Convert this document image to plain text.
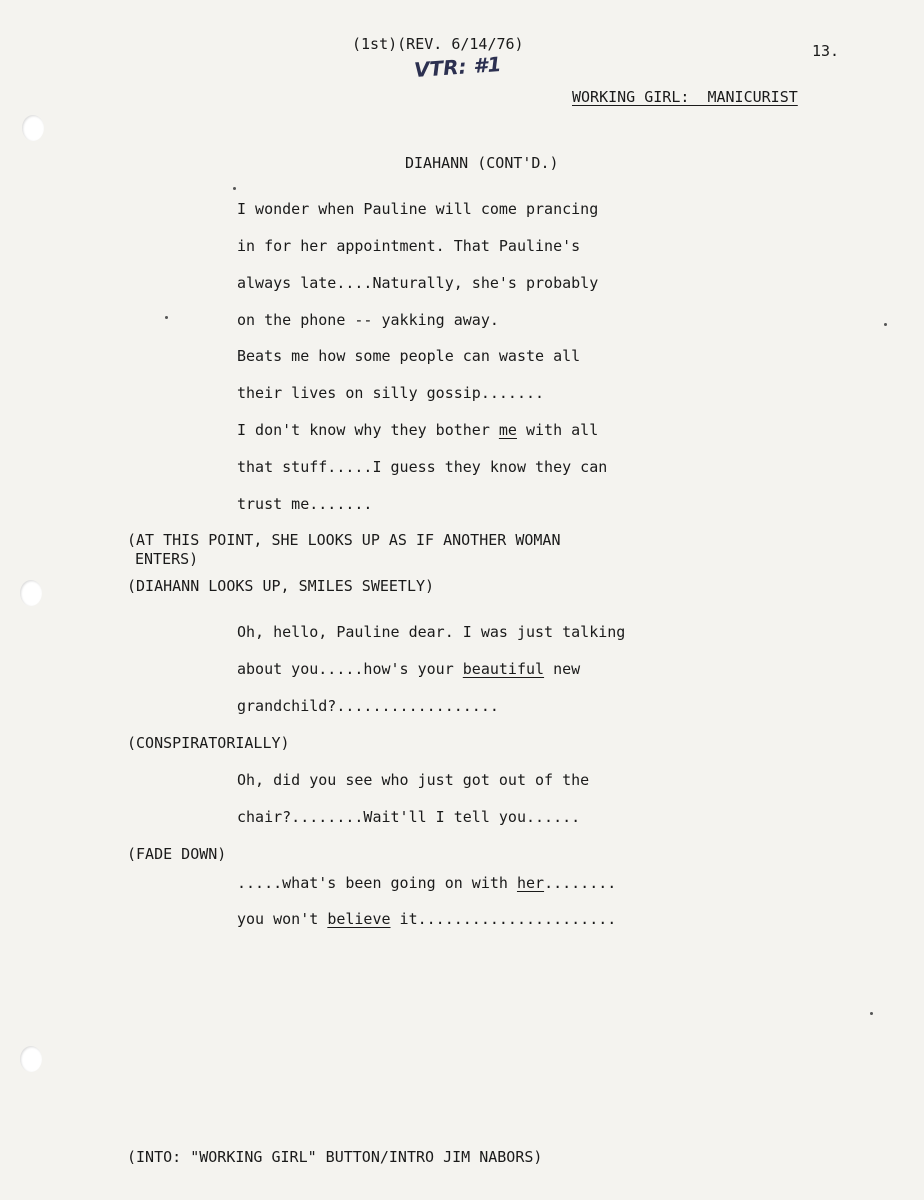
(1st)(REV. 6/14/76)
VTR: #1
13.
WORKING GIRL:  MANICURIST
DIAHANN (CONT'D.)
I wonder when Pauline will come prancing
in for her appointment. That Pauline's
always late....Naturally, she's probably
on the phone -- yakking away.
Beats me how some people can waste all
their lives on silly gossip.......
I don't know why they bother me with all
that stuff.....I guess they know they can
trust me.......
(AT THIS POINT, SHE LOOKS UP AS IF ANOTHER WOMAN
ENTERS)
(DIAHANN LOOKS UP, SMILES SWEETLY)
Oh, hello, Pauline dear. I was just talking
about you.....how's your beautiful new
grandchild?..................
(CONSPIRATORIALLY)
Oh, did you see who just got out of the
chair?........Wait'll I tell you......
(FADE DOWN)
.....what's been going on with her........
you won't believe it......................
(INTO: "WORKING GIRL" BUTTON/INTRO JIM NABORS)
